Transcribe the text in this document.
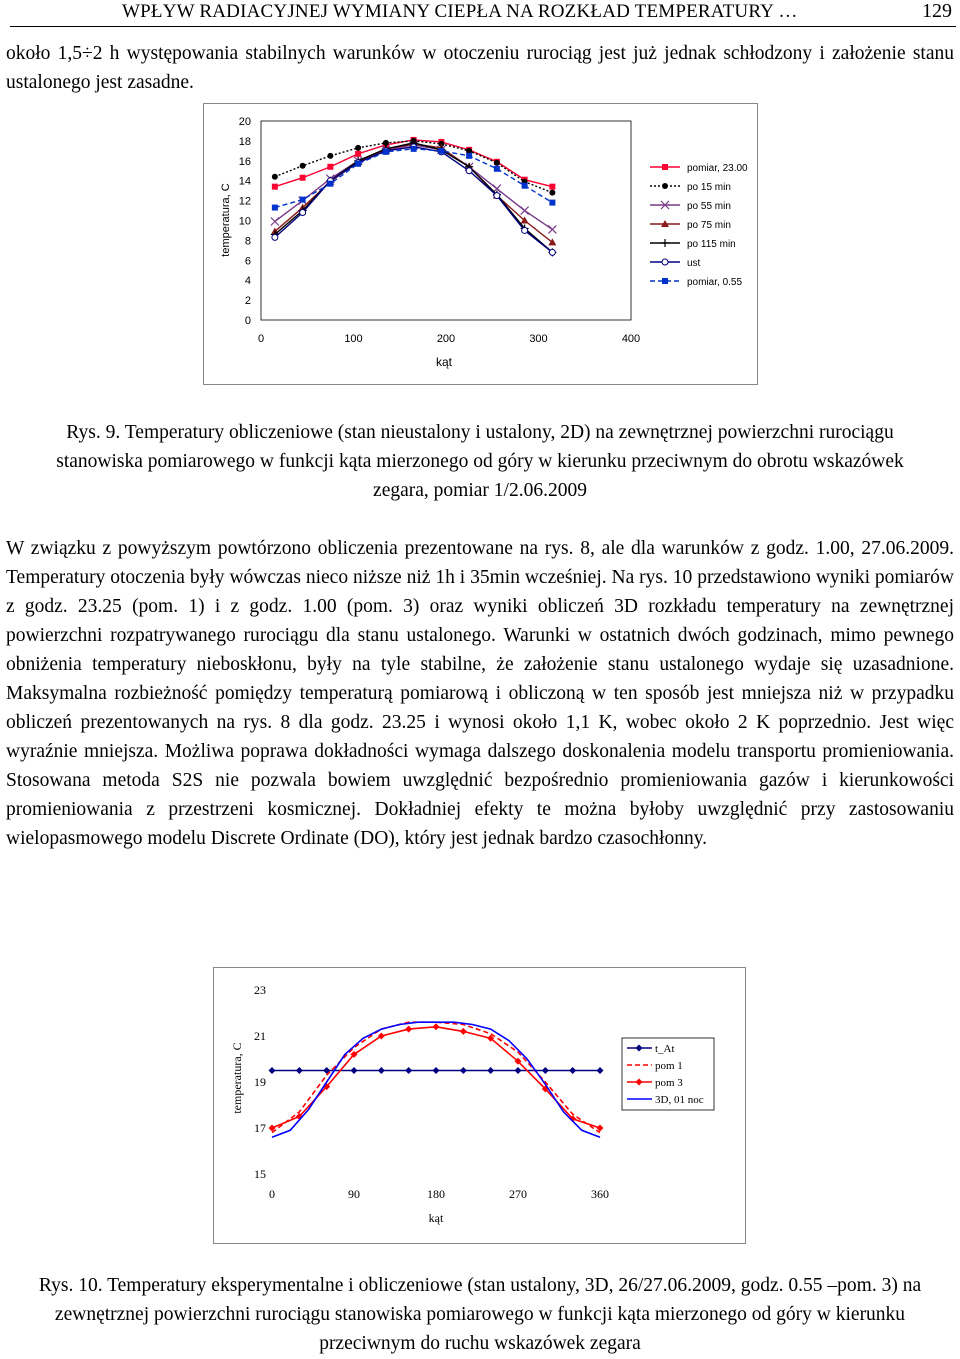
WPŁYW RADIACYJNEJ WYMIANY CIEPŁA NA ROZKŁAD TEMPERATURY …	129
około 1,5÷2 h występowania stabilnych warunków w otoczeniu rurociąg jest już jednak schłodzony i założenie stanu ustalonego jest zasadne.
temperatura, C
kąt
0
2
4
6
8
10
12
14
16
18
20
0	100	200	300	400
pomiar, 23.00
po 15 min
po 55 min
po 75 min
po 115 min
ust
pomiar, 0.55
Rys. 9. Temperatury obliczeniowe (stan nieustalony i ustalony, 2D) na zewnętrznej powierzchni rurociągu stanowiska pomiarowego w funkcji kąta mierzonego od góry w kierunku przeciwnym do obrotu wskazówek zegara, pomiar 1/2.06.2009
W związku z powyższym powtórzono obliczenia prezentowane na rys. 8, ale dla warunków z godz. 1.00, 27.06.2009. Temperatury otoczenia były wówczas nieco niższe niż 1h i 35min wcześniej. Na rys. 10 przedstawiono wyniki pomiarów z godz. 23.25 (pom. 1) i z godz. 1.00 (pom. 3) oraz wyniki obliczeń 3D rozkładu temperatury na zewnętrznej powierzchni rozpatrywanego rurociągu dla stanu ustalonego. Warunki w ostatnich dwóch godzinach, mimo pewnego obniżenia temperatury nieboskłonu, były na tyle stabilne, że założenie stanu ustalonego wydaje się uzasadnione. Maksymalna rozbieżność pomiędzy temperaturą pomiarową i obliczoną w ten sposób jest mniejsza niż w przypadku obliczeń prezentowanych na rys. 8 dla godz. 23.25 i wynosi około 1,1 K, wobec około 2 K poprzednio. Jest więc wyraźnie mniejsza. Możliwa poprawa dokładności wymaga dalszego doskonalenia modelu transportu promieniowania. Stosowana metoda S2S nie pozwala bowiem uwzględnić bezpośrednio promieniowania gazów i kierunkowości promieniowania z przestrzeni kosmicznej. Dokładniej efekty te można byłoby uwzględnić przy zastosowaniu wielopasmowego modelu Discrete Ordinate (DO), który jest jednak bardzo czasochłonny.
temperatura, C
kąt
15
17
19
21
23
0	90	180	270	360
t_At
pom 1
pom 3
3D, 01 noc
Rys. 10. Temperatury eksperymentalne i obliczeniowe (stan ustalony, 3D, 26/27.06.2009, godz. 0.55 –pom. 3) na zewnętrznej powierzchni rurociągu stanowiska pomiarowego w funkcji kąta mierzonego od góry w kierunku przeciwnym do ruchu wskazówek zegara
